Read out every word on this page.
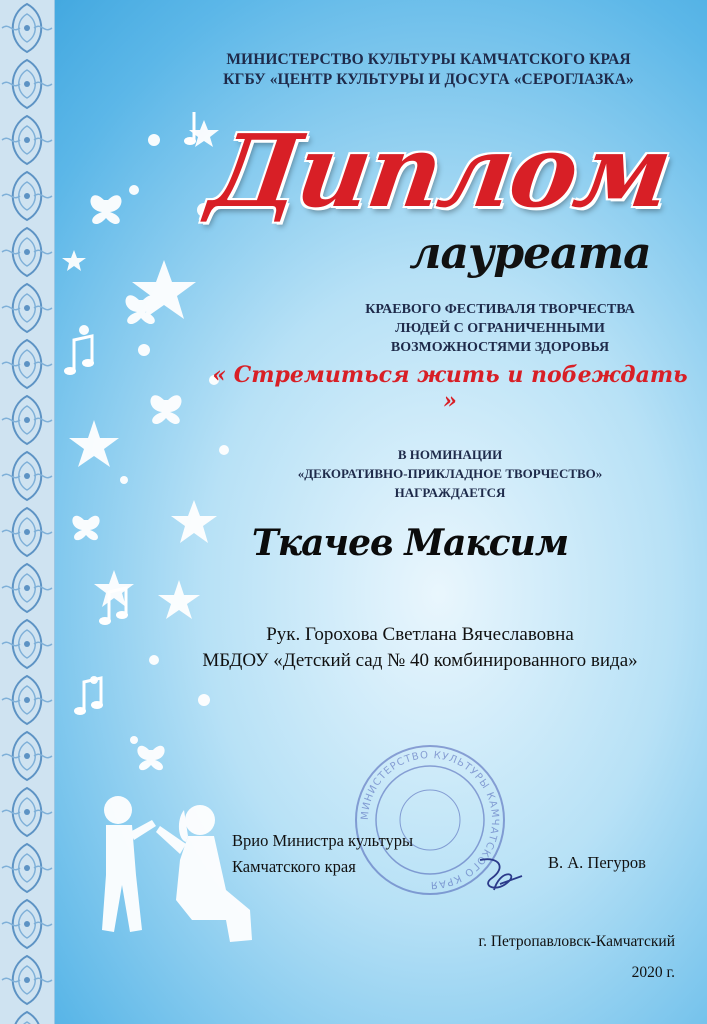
МИНИСТЕРСТВО КУЛЬТУРЫ КАМЧАТСКОГО КРАЯ
КГБУ «ЦЕНТР КУЛЬТУРЫ И ДОСУГА «СЕРОГЛАЗКА»
Диплом
лауреата
КРАЕВОГО ФЕСТИВАЛЯ ТВОРЧЕСТВА
ЛЮДЕЙ С ОГРАНИЧЕННЫМИ
ВОЗМОЖНОСТЯМИ ЗДОРОВЬЯ
« Стремиться жить и побеждать »
В НОМИНАЦИИ
«ДЕКОРАТИВНО-ПРИКЛАДНОЕ ТВОРЧЕСТВО»
НАГРАЖДАЕТСЯ
Ткачев Максим
Рук. Горохова Светлана Вячеславовна
МБДОУ «Детский сад № 40 комбинированного вида»
МИНИСТЕРСТВО КУЛЬТУРЫ КАМЧАТСКОГО КРАЯ
Врио Министра культуры
Камчатского края	В. А. Пегуров
г. Петропавловск-Камчатский
2020 г.
